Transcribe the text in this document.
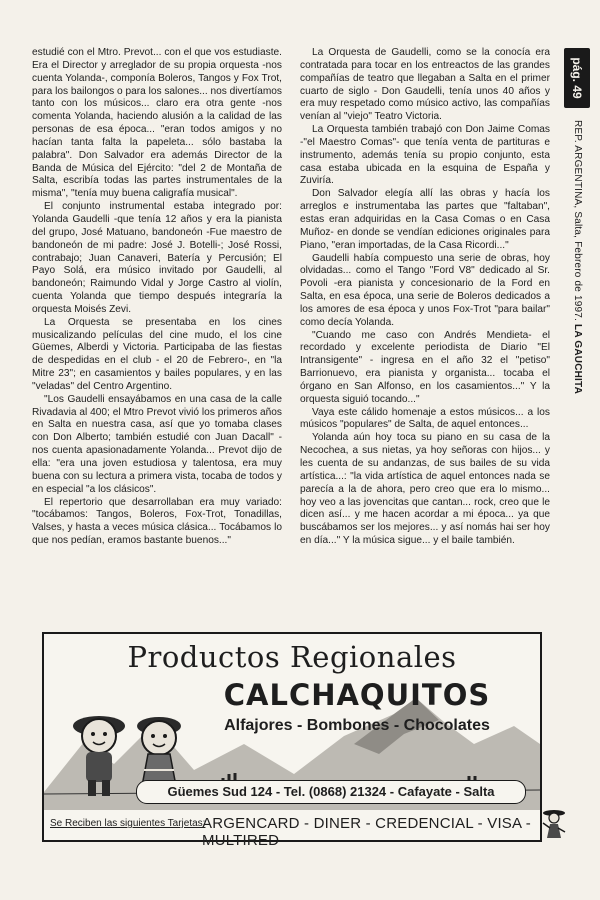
estudié con el Mtro. Prevot... con el que vos estudiaste. Era el Director y arreglador de su propia orquesta -nos cuenta Yolanda-, componía Boleros, Tangos y Fox Trot, para los bailongos o para los salones... nos divertíamos tanto con los músicos... claro era otra gente -nos comenta Yolanda, haciendo alusión a la calidad de las personas de esa época... "eran todos amigos y no hacían tanta falta la papeleta... sólo bastaba la palabra". Don Salvador era además Director de la Banda de Música del Ejército: "del 2 de Montaña de Salta, escribía todas las partes instrumentales de la misma", "tenía muy buena caligrafía musical".

El conjunto instrumental estaba integrado por: Yolanda Gaudelli -que tenía 12 años y era la pianista del grupo, José Matuano, bandoneón -Fue maestro de bandoneón de mi padre: José J. Botelli-; José Rossi, contrabajo; Juan Canaveri, Batería y Percusión; El Payo Solá, era músico invitado por Gaudelli, al bandoneón; Raimundo Vidal y Jorge Castro al violín, cuenta Yolanda que tiempo después integraría la orquesta Moisés Zevi.

La Orquesta se presentaba en los cines musicalizando películas del cine mudo, el los cine Güemes, Alberdi y Victoria. Participaba de las fiestas de despedidas en el club - el 20 de Febrero-, en "la Mitre 23"; en casamientos y bailes populares, y en las "veladas" del Centro Argentino.

"Los Gaudelli ensayábamos en una casa de la calle Rivadavia al 400; el Mtro Prevot vivió los primeros años en Salta en nuestra casa, así que yo tomaba clases con Don Alberto; también estudié con Juan Dacall" -nos cuenta apasionadamente Yolanda... Prevot dijo de ella: "era una joven estudiosa y talentosa, era muy buena con su lectura a primera vista, tocaba de todos y en especial "a los clásicos".

El repertorio que desarrollaban era muy variado: "tocábamos: Tangos, Boleros, Fox-Trot, Tonadillas, Valses, y hasta a veces música clásica... Tocábamos lo que nos pedían, eramos bastante buenos..."

La Orquesta de Gaudelli, como se la conocía era contratada para tocar en los entreactos de las grandes compañías de teatro que llegaban a Salta en el primer cuarto de siglo - Don Gaudelli, tenía unos 40 años y era muy respetado como músico activo, las compañías venían al "viejo" Teatro Victoria.

La Orquesta también trabajó con Don Jaime Comas -"el Maestro Comas"- que tenía venta de partituras e instrumento, además tenía su propio conjunto, esta casa estaba ubicada en la esquina de España y Zuviría.

Don Salvador elegía allí las obras y hacía los arreglos e instrumentaba las partes que "faltaban", estas eran adquiridas en la Casa Comas o en Casa Muñoz- en donde se vendían ediciones originales para Piano, "eran importadas, de la Casa Ricordi..."

Gaudelli había compuesto una serie de obras, hoy olvidadas... como el Tango "Ford V8" dedicado al Sr. Povoli -era pianista y concesionario de la Ford en Salta, en esa época, una serie de Boleros dedicados a los amores de esa época y unos Fox-Trot "para bailar" como decía Yolanda.

"Cuando me caso con Andrés Mendieta- el recordado y excelente periodista de Diario "El Intransigente" - ingresa en el año 32 el "petiso" Barrionuevo, era pianista y organista... tocaba el órgano en San Alfonso, en los casamientos..." Y la orquesta siguió tocando..."

Vaya este cálido homenaje a estos músicos... a los músicos "populares" de Salta, de aquel entonces...

Yolanda aún hoy toca su piano en su casa de la Necochea, a sus nietas, ya hoy señoras con hijos... y les cuenta de su andanzas, de sus bailes de su vida artística...: "la vida artística de aquel entonces nada se parecía a la de ahora, pero creo que era lo mismo... hoy veo a las jovencitas que cantan... rock, creo que le dicen así... y me hacen acordar a mi época... ya que buscábamos ser los mejores... y así nomás hai ser hoy en día..." Y la música sigue... y el baile también.

pág. 49
REP. ARGENTINA, Salta, Febrero de 1997. LA GAUCHITA
Productos Regionales
CALCHAQUITOS
Alfajores - Bombones - Chocolates
Güemes Sud 124 - Tel. (0868) 21324 - Cafayate - Salta
Se Reciben las siguientes Tarjetas:
ARGENCARD - DINER - CREDENCIAL - VISA - MULTIRED
